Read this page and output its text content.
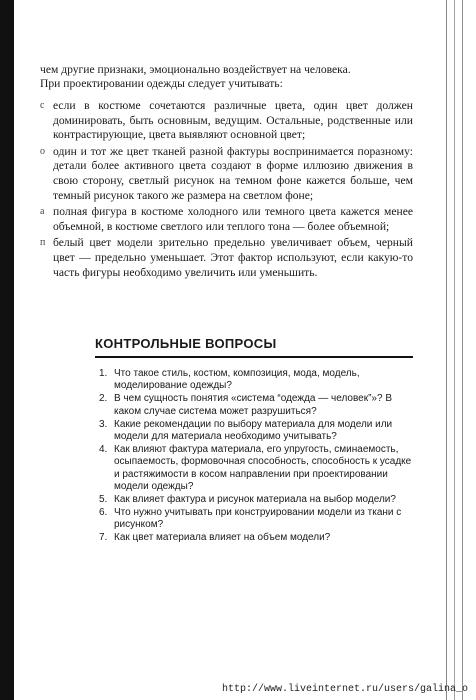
чем другие признаки, эмоционально воздействует на человека.

При проектировании одежды следует учитывать:

с если в костюме сочетаются различные цвета, один цвет должен доминировать, быть основным, ведущим. Остальные, родственные или контрастирующие, цвета выявляют основной цвет;
о один и тот же цвет тканей разной фактуры воспринимается поразному: детали более активного цвета создают в форме иллюзию движения в свою сторону, светлый рисунок на темном фоне кажется больше, чем темный рисунок такого же размера на светлом фоне;
а полная фигура в костюме холодного или темного цвета кажется менее объемной, в костюме светлого или теплого тона — более объемной;
п белый цвет модели зрительно предельно увеличивает объем, черный цвет — предельно уменьшает. Этот фактор используют, если какую-то часть фигуры необходимо увеличить или уменьшить.
КОНТРОЛЬНЫЕ ВОПРОСЫ
1. Что такое стиль, костюм, композиция, мода, модель, моделирование одежды?
2. В чем сущность понятия «система “одежда — человек”»? В каком случае система может разрушиться?
3. Какие рекомендации по выбору материала для модели или модели для материала необходимо учитывать?
4. Как влияют фактура материала, его упругость, сминаемость, осыпаемость, формовочная способность, способность к усадке и растяжимости в косом направлении при проектировании модели одежды?
5. Как влияет фактура и рисунок материала на выбор модели?
6. Что нужно учитывать при конструировании модели из ткани с рисунком?
7. Как цвет материала влияет на объем модели?
http://www.liveinternet.ru/users/galina_o
